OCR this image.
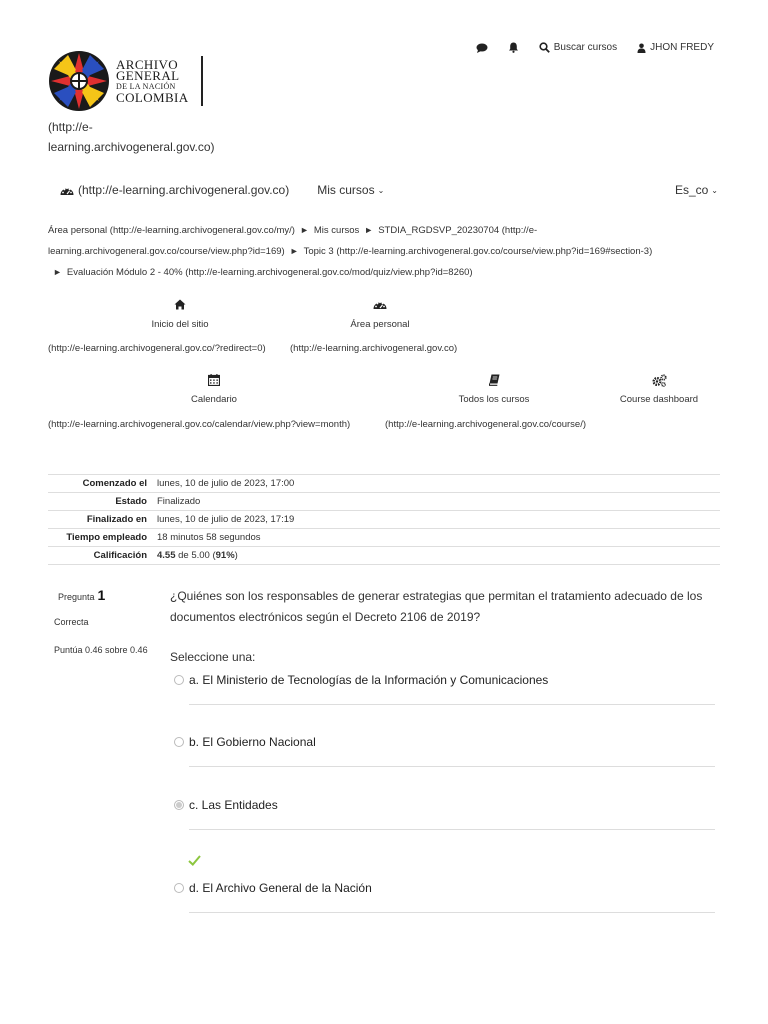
Buscar cursos	JHON FREDY
ARCHIVO
GENERAL
DE LA NACIÓN
COLOMBIA
(http://e-
learning.archivogeneral.gov.co)
(http://e-learning.archivogeneral.gov.co) Mis cursos ⌄	Es_co ⌄
Área personal (http://e-learning.archivogeneral.gov.co/my/) ► Mis cursos ► STDIA_RGDSVP_20230704 (http://e-
learning.archivogeneral.gov.co/course/view.php?id=169) ► Topic 3 (http://e-learning.archivogeneral.gov.co/course/view.php?id=169#section-3)
► Evaluación Módulo 2 - 40% (http://e-learning.archivogeneral.gov.co/mod/quiz/view.php?id=8260)
Inicio del sitio	Área personal
(http://e-learning.archivogeneral.gov.co/?redirect=0)	(http://e-learning.archivogeneral.gov.co)
Calendario	Todos los cursos	Course dashboard
(http://e-learning.archivogeneral.gov.co/calendar/view.php?view=month)	(http://e-learning.archivogeneral.gov.co/course/)
Comenzado el	lunes, 10 de julio de 2023, 17:00
Estado	Finalizado
Finalizado en	lunes, 10 de julio de 2023, 17:19
Tiempo empleado	18 minutos 58 segundos
Calificación	4.55 de 5.00 (91%)
Pregunta 1
Correcta
Puntúa 0.46 sobre 0.46
¿Quiénes son los responsables de generar estrategias que permitan el tratamiento adecuado de los documentos electrónicos según el Decreto 2106 de 2019?
Seleccione una:
a. El Ministerio de Tecnologías de la Información y Comunicaciones
b. El Gobierno Nacional
c. Las Entidades
d. El Archivo General de la Nación
